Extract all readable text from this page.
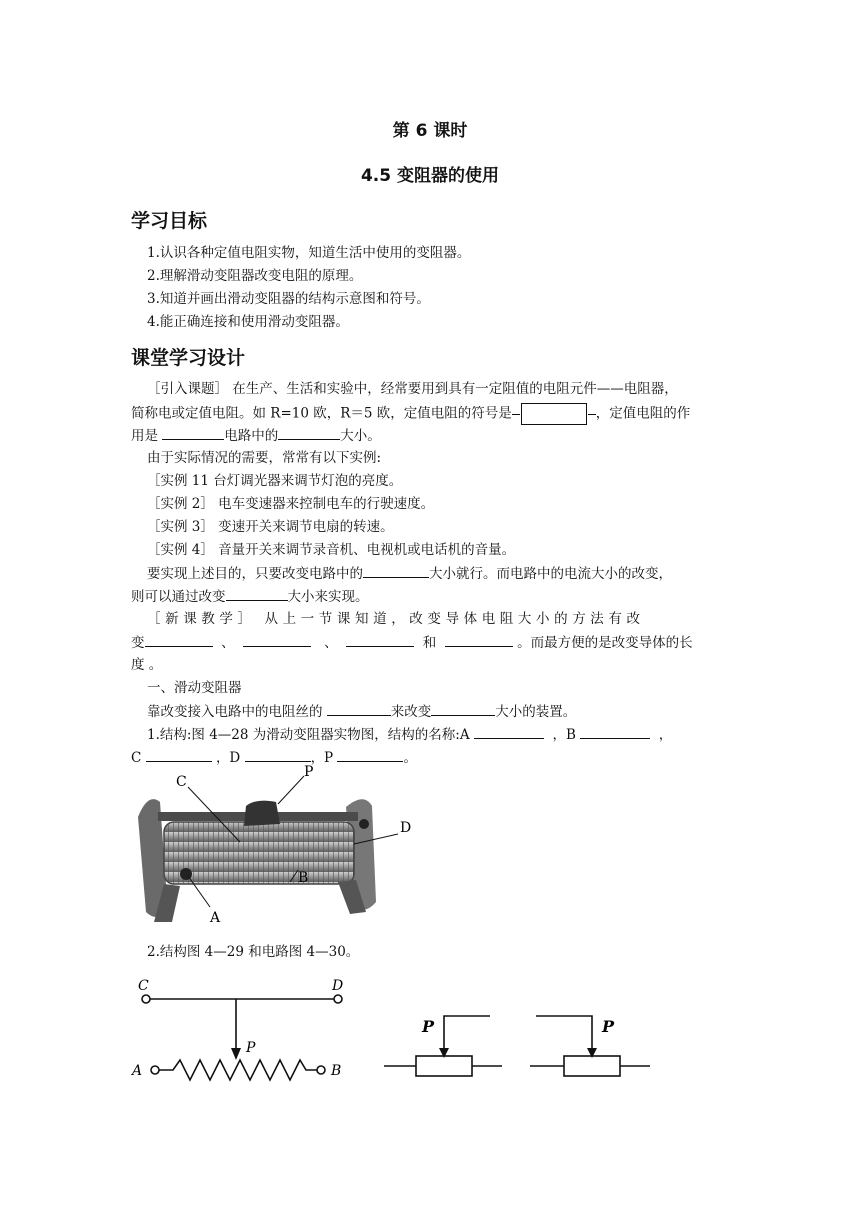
第 6 课时
4.5 变阻器的使用
学习目标
1.认识各种定值电阻实物，知道生活中使用的变阻器。
2.理解滑动变阻器改变电阻的原理。
3.知道并画出滑动变阻器的结构示意图和符号。
4.能正确连接和使用滑动变阻器。
课堂学习设计
［引入课题］ 在生产、生活和实验中，经常要用到具有一定阻值的电阻元件——电阻器，
简称电或定值电阻。如 R=10 欧，R＝5 欧，定值电阻的符号是	，定值电阻的作
用是	电路中的	大小。
由于实际情况的需要，常常有以下实例:
［实例 11 台灯调光器来调节灯泡的亮度。
［实例 2］ 电车变速器来控制电车的行驶速度。
［实例 3］ 变速开关来调节电扇的转速。
［实例 4］ 音量开关来调节录音机、电视机或电话机的音量。
要实现上述目的，只要改变电路中的	大小就行。而电路中的电流大小的改变，
则可以通过改变	大小来实现。
［新课教学］ 从上一节课知道，改变导体电阻大小的方法有改
变	、	、	和	。而最方便的是改变导体的长
度 。
一、滑动变阻器
靠改变接入电路中的电阻丝的	来改变	大小的装置。
1.结构:图 4—28 为滑动变阻器实物图，结构的名称:A	，B	，
C	，D	，P	。
C
P
D
A
B
2.结构图 4—29 和电路图 4—30。
C	D
P
A	B
P	P
